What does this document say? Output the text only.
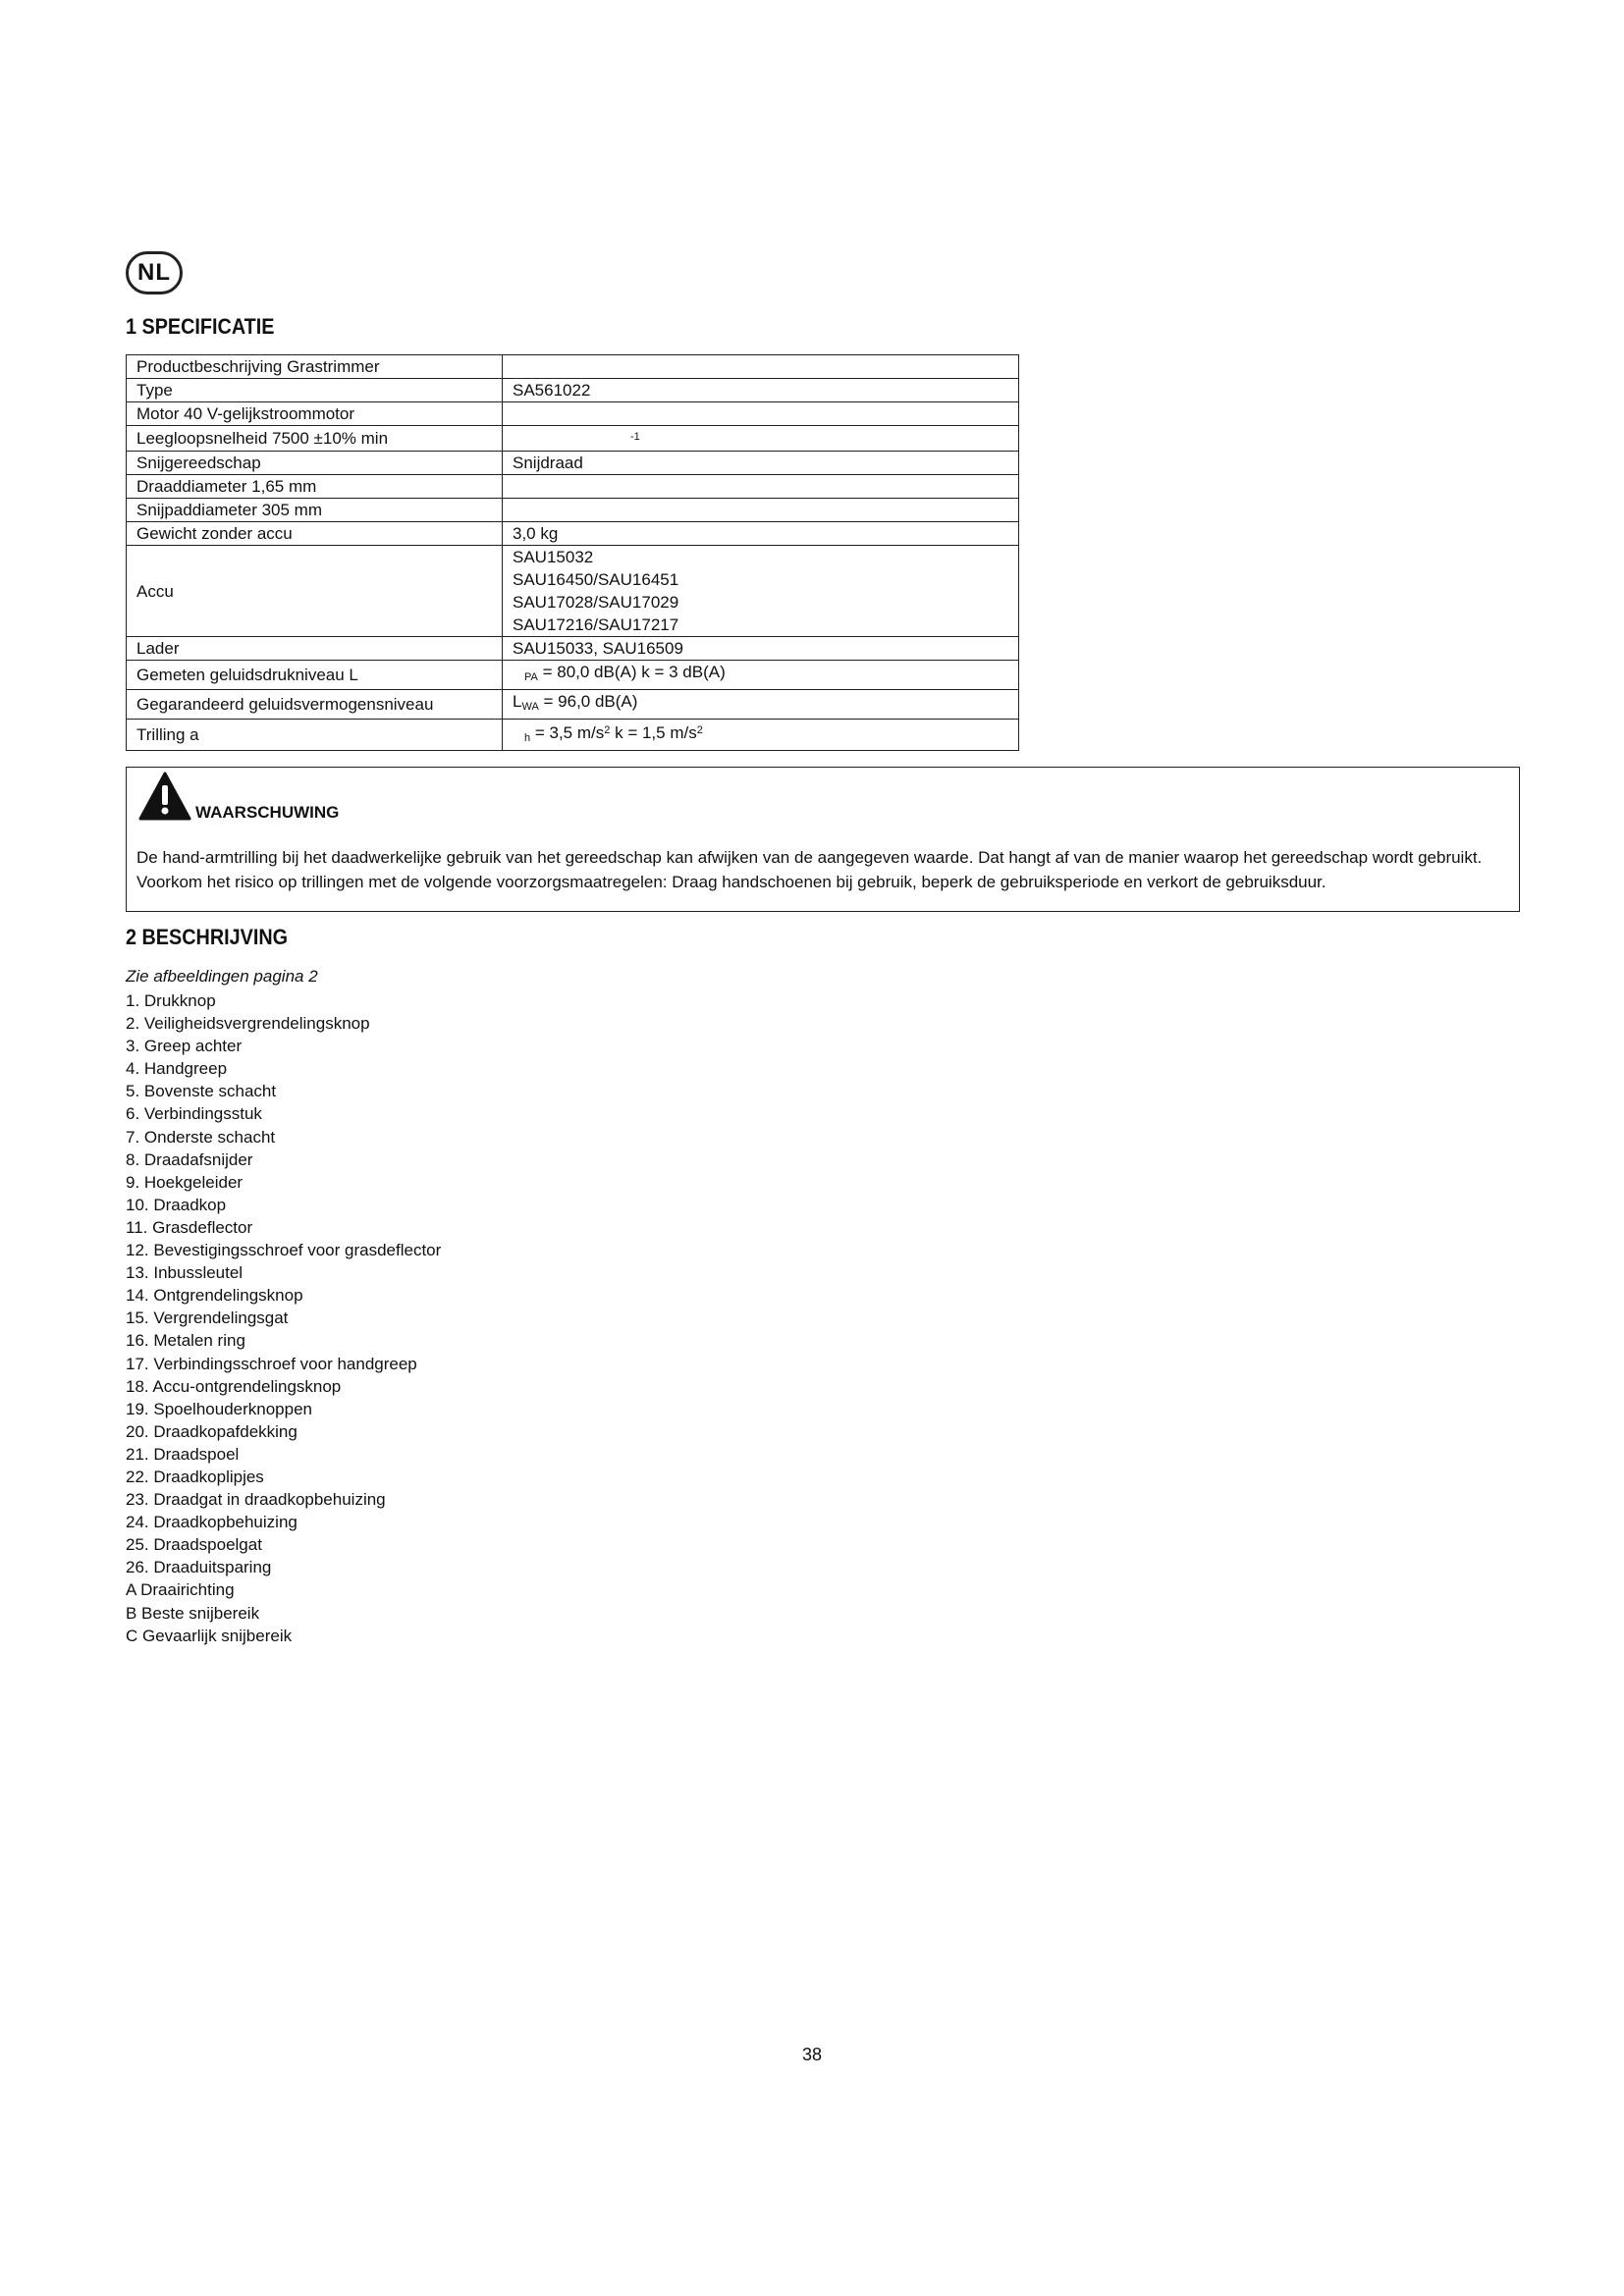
NL
1 SPECIFICATIE
Productbeschrijving Grastrimmer	
Type	SA561022
Motor 40 V-gelijkstroommotor	
Leegloopsnelheid 7500 ±10% min	$^{-1}$
Snijgereedschap	Snijdraad
Draaddiameter 1,65 mm	
Snijpaddiameter 305 mm	
Gewicht zonder accu	3,0 kg
Accu	SAU15032
SAU16450/SAU16451
SAU17028/SAU17029
SAU17216/SAU17217

Lader	SAU15033, SAU16509
Gemeten geluidsdrukniveau L	$_{PA}$ = 80,0 dB(A) k = 3 dB(A)
Gegarandeerd geluidsvermogensniveau	$L_{WA} = 96,0$ dB(A)
Trilling a	$_h$ = 3,5 $m/s^2$ k = 1,5 $m/s^2$
WAARSCHUWING
De hand-armtrilling bij het daadwerkelijke gebruik van het gereedschap kan afwijken van de aangegeven waarde. Dat hangt af van de manier waarop het gereedschap wordt gebruikt.
Voorkom het risico op trillingen met de volgende voorzorgsmaatregelen: Draag handschoenen bij gebruik, beperk de gebruiksperiode en verkort de gebruiksduur.
2 BESCHRIJVING
Zie afbeeldingen pagina 2
1. Drukknop
2. Veiligheidsvergrendelingsknop
3. Greep achter
4. Handgreep
5. Bovenste schacht
6. Verbindingsstuk
7. Onderste schacht
8. Draadafsnijder
9. Hoekgeleider
10. Draadkop
11. Grasdeflector
12. Bevestigingsschroef voor grasdeflector
13. Inbussleutel
14. Ontgrendelingsknop
15. Vergrendelingsgat
16. Metalen ring
17. Verbindingsschroef voor handgreep
18. Accu-ontgrendelingsknop
19. Spoelhouderknoppen
20. Draadkopafdekking
21. Draadspoel
22. Draadkoplipjes
23. Draadgat in draadkopbehuizing
24. Draadkopbehuizing
25. Draadspoelgat
26. Draaduitsparing
A Draairichting
B Beste snijbereik
C Gevaarlijk snijbereik
38
